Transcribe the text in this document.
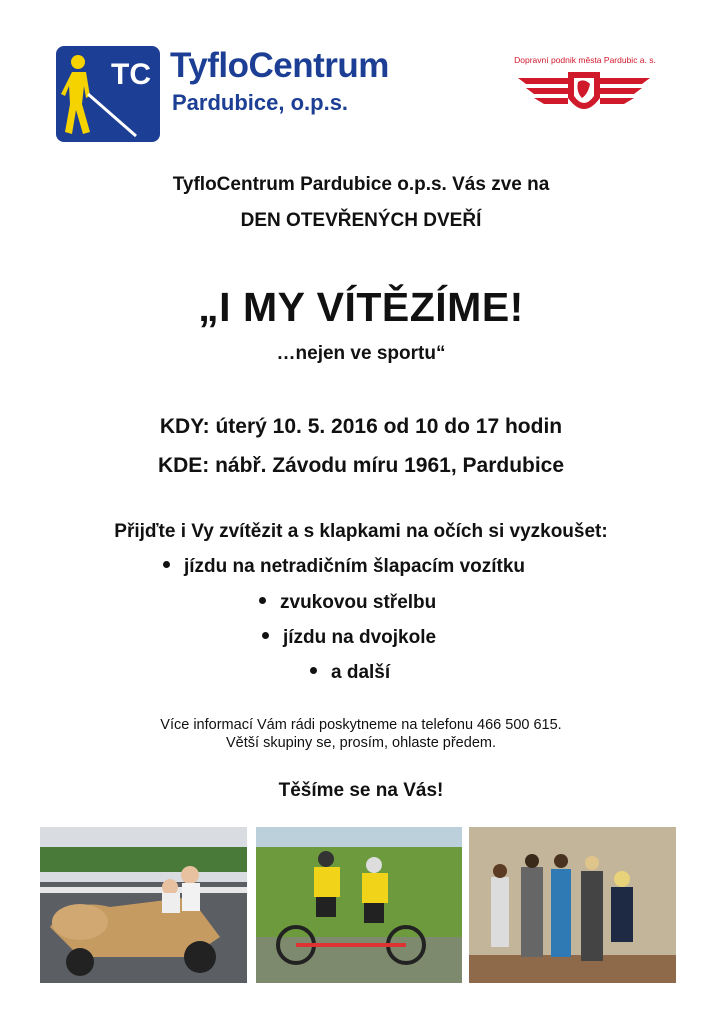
TC TyfloCentrum
Pardubice, o.p.s.
Dopravní podnik města Pardubic a. s.
TyfloCentrum Pardubice o.p.s. Vás zve na
DEN OTEVŘENÝCH DVEŘÍ
„I MY VÍTĚZÍME!
…nejen ve sportu“
KDY: úterý 10. 5. 2016 od 10 do 17 hodin
KDE: nábř. Závodu míru 1961, Pardubice
Přijďte i Vy zvítězit a s klapkami na očích si vyzkoušet:
jízdu na netradičním šlapacím vozítku
zvukovou střelbu
jízdu na dvojkole
a další
Více informací Vám rádi poskytneme na telefonu 466 500 615.
Větší skupiny se, prosím, ohlaste předem.
Těšíme se na Vás!
